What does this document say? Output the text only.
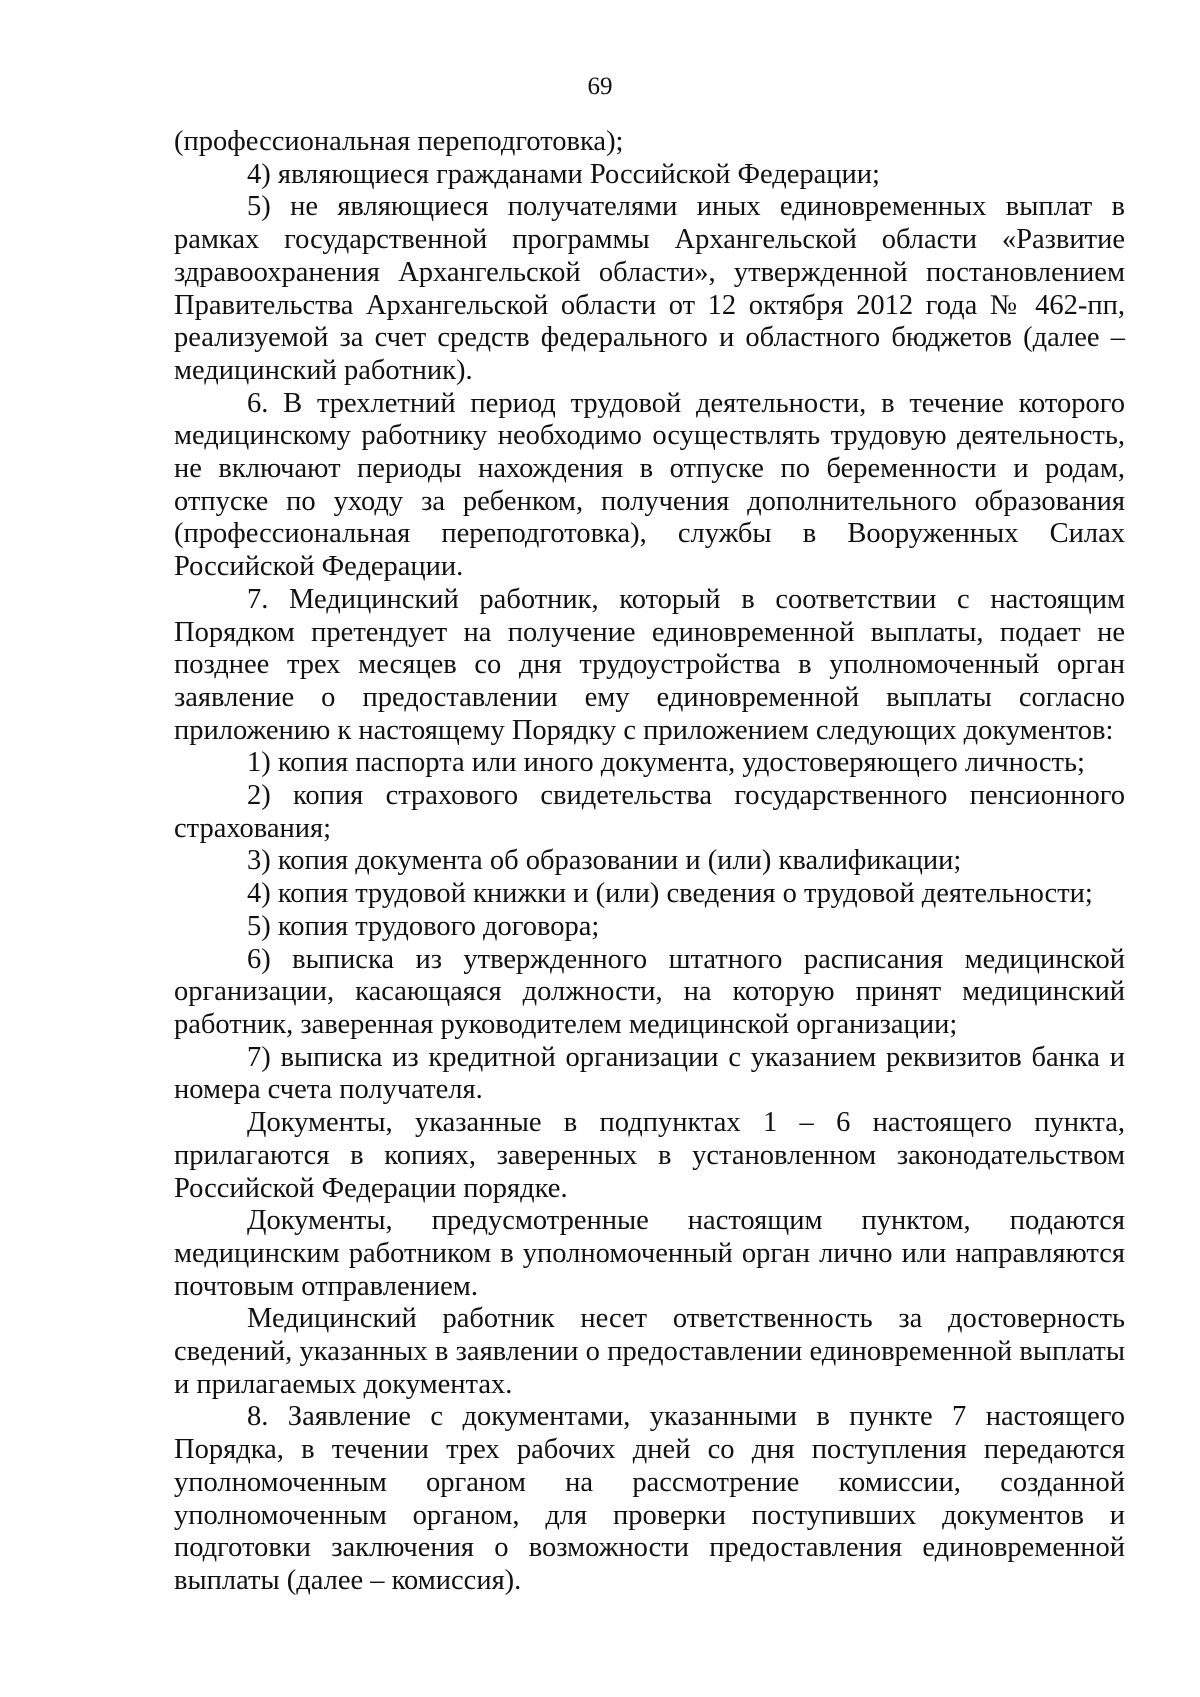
69

(профессиональная переподготовка);

4) являющиеся гражданами Российской Федерации;

5) не являющиеся получателями иных единовременных выплат в рамках государственной программы Архангельской области «Развитие здравоохранения Архангельской области», утвержденной постановлением Правительства Архангельской области от 12 октября 2012 года № 462-пп, реализуемой за счет средств федерального и областного бюджетов (далее – медицинский работник).

6. В трехлетний период трудовой деятельности, в течение которого медицинскому работнику необходимо осуществлять трудовую деятельность, не включают периоды нахождения в отпуске по беременности и родам, отпуске по уходу за ребенком, получения дополнительного образования (профессиональная переподготовка), службы в Вооруженных Силах Российской Федерации.

7. Медицинский работник, который в соответствии с настоящим Порядком претендует на получение единовременной выплаты, подает не позднее трех месяцев со дня трудоустройства в уполномоченный орган заявление о предоставлении ему единовременной выплаты согласно приложению к настоящему Порядку с приложением следующих документов:

1) копия паспорта или иного документа, удостоверяющего личность;

2) копия страхового свидетельства государственного пенсионного страхования;

3) копия документа об образовании и (или) квалификации;

4) копия трудовой книжки и (или) сведения о трудовой деятельности;

5) копия трудового договора;

6) выписка из утвержденного штатного расписания медицинской организации, касающаяся должности, на которую принят медицинский работник, заверенная руководителем медицинской организации;

7) выписка из кредитной организации с указанием реквизитов банка и номера счета получателя.

Документы, указанные в подпунктах 1 – 6 настоящего пункта, прилагаются в копиях, заверенных в установленном законодательством Российской Федерации порядке.

Документы, предусмотренные настоящим пунктом, подаются медицинским работником в уполномоченный орган лично или направляются почтовым отправлением.

Медицинский работник несет ответственность за достоверность сведений, указанных в заявлении о предоставлении единовременной выплаты и прилагаемых документах.

8. Заявление с документами, указанными в пункте 7 настоящего Порядка, в течении трех рабочих дней со дня поступления передаются уполномоченным органом на рассмотрение комиссии, созданной уполномоченным органом, для проверки поступивших документов и подготовки заключения о возможности предоставления единовременной выплаты (далее – комиссия).
